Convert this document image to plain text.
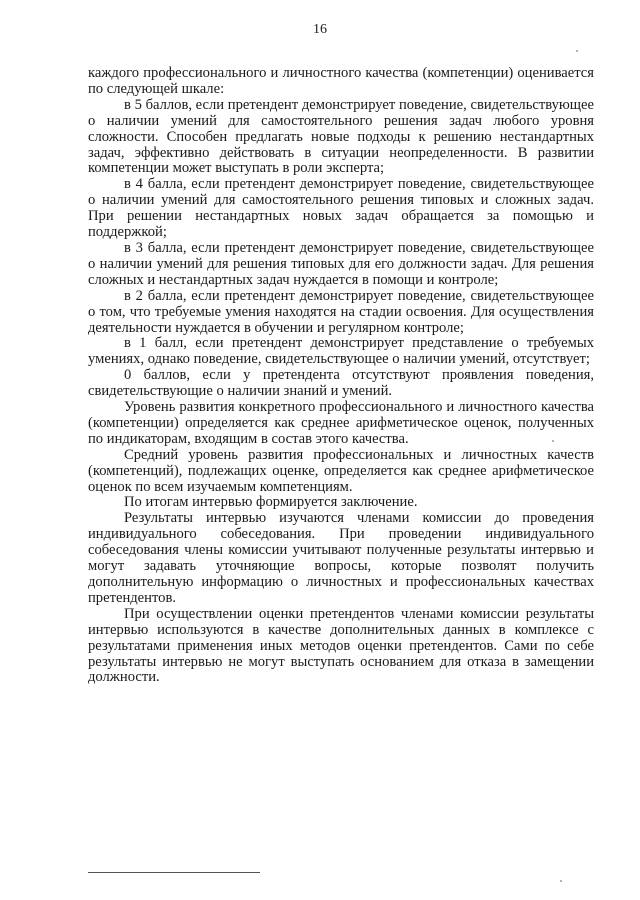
16

каждого профессионального и личностного качества (компетенции) оценивается по следующей шкале:

в 5 баллов, если претендент демонстрирует поведение, свидетельствующее о наличии умений для самостоятельного решения задач любого уровня сложности. Способен предлагать новые подходы к решению нестандартных задач, эффективно действовать в ситуации неопределенности. В развитии компетенции может выступать в роли эксперта;

в 4 балла, если претендент демонстрирует поведение, свидетельствующее о наличии умений для самостоятельного решения типовых и сложных задач. При решении нестандартных новых задач обращается за помощью и поддержкой;

в 3 балла, если претендент демонстрирует поведение, свидетельствующее о наличии умений для решения типовых для его должности задач. Для решения сложных и нестандартных задач нуждается в помощи и контроле;

в 2 балла, если претендент демонстрирует поведение, свидетельствующее о том, что требуемые умения находятся на стадии освоения. Для осуществления деятельности нуждается в обучении и регулярном контроле;

в 1 балл, если претендент демонстрирует представление о требуемых умениях, однако поведение, свидетельствующее о наличии умений, отсутствует;

0 баллов, если у претендента отсутствуют проявления поведения, свидетельствующие о наличии знаний и умений.

Уровень развития конкретного профессионального и личностного качества (компетенции) определяется как среднее арифметическое оценок, полученных по индикаторам, входящим в состав этого качества.

Средний уровень развития профессиональных и личностных качеств (компетенций), подлежащих оценке, определяется как среднее арифметическое оценок по всем изучаемым компетенциям.

По итогам интервью формируется заключение.

Результаты интервью изучаются членами комиссии до проведения индивидуального собеседования. При проведении индивидуального собеседования члены комиссии учитывают полученные результаты интервью и могут задавать уточняющие вопросы, которые позволят получить дополнительную информацию о личностных и профессиональных качествах претендентов.

При осуществлении оценки претендентов членами комиссии результаты интервью используются в качестве дополнительных данных в комплексе с результатами применения иных методов оценки претендентов. Сами по себе результаты интервью не могут выступать основанием для отказа в замещении должности.
